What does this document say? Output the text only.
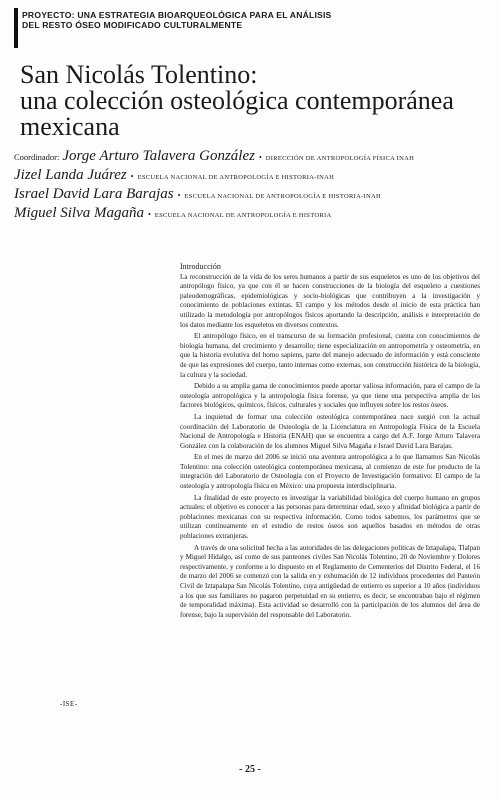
PROYECTO: UNA ESTRATEGIA BIOARQUEOLÓGICA PARA EL ANÁLISIS
DEL RESTO ÓSEO MODIFICADO CULTURALMENTE
San Nicolás Tolentino:
una colección osteológica contemporánea
mexicana
Coordinador: Jorge Arturo Talavera González • DIRECCIÓN DE ANTROPOLOGÍA FÍSICA INAH
Jizel Landa Juárez • ESCUELA NACIONAL DE ANTROPOLOGÍA E HISTORIA-INAH
Israel David Lara Barajas • ESCUELA NACIONAL DE ANTROPOLOGÍA E HISTORIA-INAH
Miguel Silva Magaña • ESCUELA NACIONAL DE ANTROPOLOGÍA E HISTORIA
Introducción

La reconstrucción de la vida de los seres humanos a partir de sus esqueletos es uno de los objetivos del antropólogo físico, ya que con él se hacen construcciones de la biología del esqueleto a cuestiones paleodemográficas, epidemiológicas y socio-biológicas que contribuyen a la investigación y conocimiento de poblaciones extintas. El campo y los métodos desde el inicio de esta práctica han utilizado la metodología por antropólogos físicos aportando la descripción, análisis e interpretación de los datos mediante los esqueletos en diversos contextos.

El antropólogo físico, en el transcurso de su formación profesional, cuenta con conocimientos de biología humana, del crecimiento y desarrollo; tiene especialización en antropometría y osteometría, en que la historia evolutiva del homo sapiens, parte del manejo adecuado de información y está consciente de que las expresiones del cuerpo, tanto internas como externas, son construcción histórica de la biología, la cultura y la sociedad.

Debido a su amplia gama de conocimientos puede aportar valiosa información, para el campo de la osteología antropológica y la antropología física forense, ya que tiene una perspectiva amplia de los factores biológicos, químicos, físicos, culturales y sociales que influyen sobre los restos óseos.

La inquietud de formar una colección osteológica contemporánea nace surgió con la actual coordinación del Laboratorio de Osteología de la Licenciatura en Antropología Física de la Escuela Nacional de Antropología e Historia (ENAH) que se encuentra a cargo del A.F. Jorge Arturo Talavera González con la colaboración de los alumnos Miguel Silva Magaña e Israel David Lara Barajas.

En el mes de marzo del 2006 se inició una aventura antropológica a lo que llamamos San Nicolás Tolentino: una colección osteológica contemporánea mexicana, al comienzo de este fue producto de la integración del Laboratorio de Osteología con el Proyecto de Investigación formativo: El campo de la osteología y antropología física en México: una propuesta interdisciplinaria.

La finalidad de este proyecto es investigar la variabilidad biológica del cuerpo humano en grupos actuales; el objetivo es conocer a las personas para determinar edad, sexo y afinidad biológica a partir de poblaciones mexicanas con su respectiva información. Como todos sabemos, los parámetros que se utilizan continuamente en el estudio de restos óseos son aquellos basados en métodos de otras poblaciones extranjeras.

A través de una solicitud hecha a las autoridades de las delegaciones políticas de Iztapalapa, Tlalpan y Miguel Hidalgo, así como de sus panteones civiles San Nicolás Tolentino, 20 de Noviembre y Dolores respectivamente, y conforme a lo dispuesto en el Reglamento de Cementerios del Distrito Federal, el 16 de marzo del 2006 se comenzó con la salida en y exhumación de 12 individuos procedentes del Panteón Civil de Iztapalapa San Nicolás Tolentino, cuya antigüedad de entierro es superior a 10 años (individuos a los que sus familiares no pagaron perpetuidad en su entierro, es decir, se encontraban bajo el régimen de temporalidad máxima). Esta actividad se desarrolló con la participación de los alumnos del área de forense, bajo la supervisión del responsable del Laboratorio.

-ISE-
- 25 -
